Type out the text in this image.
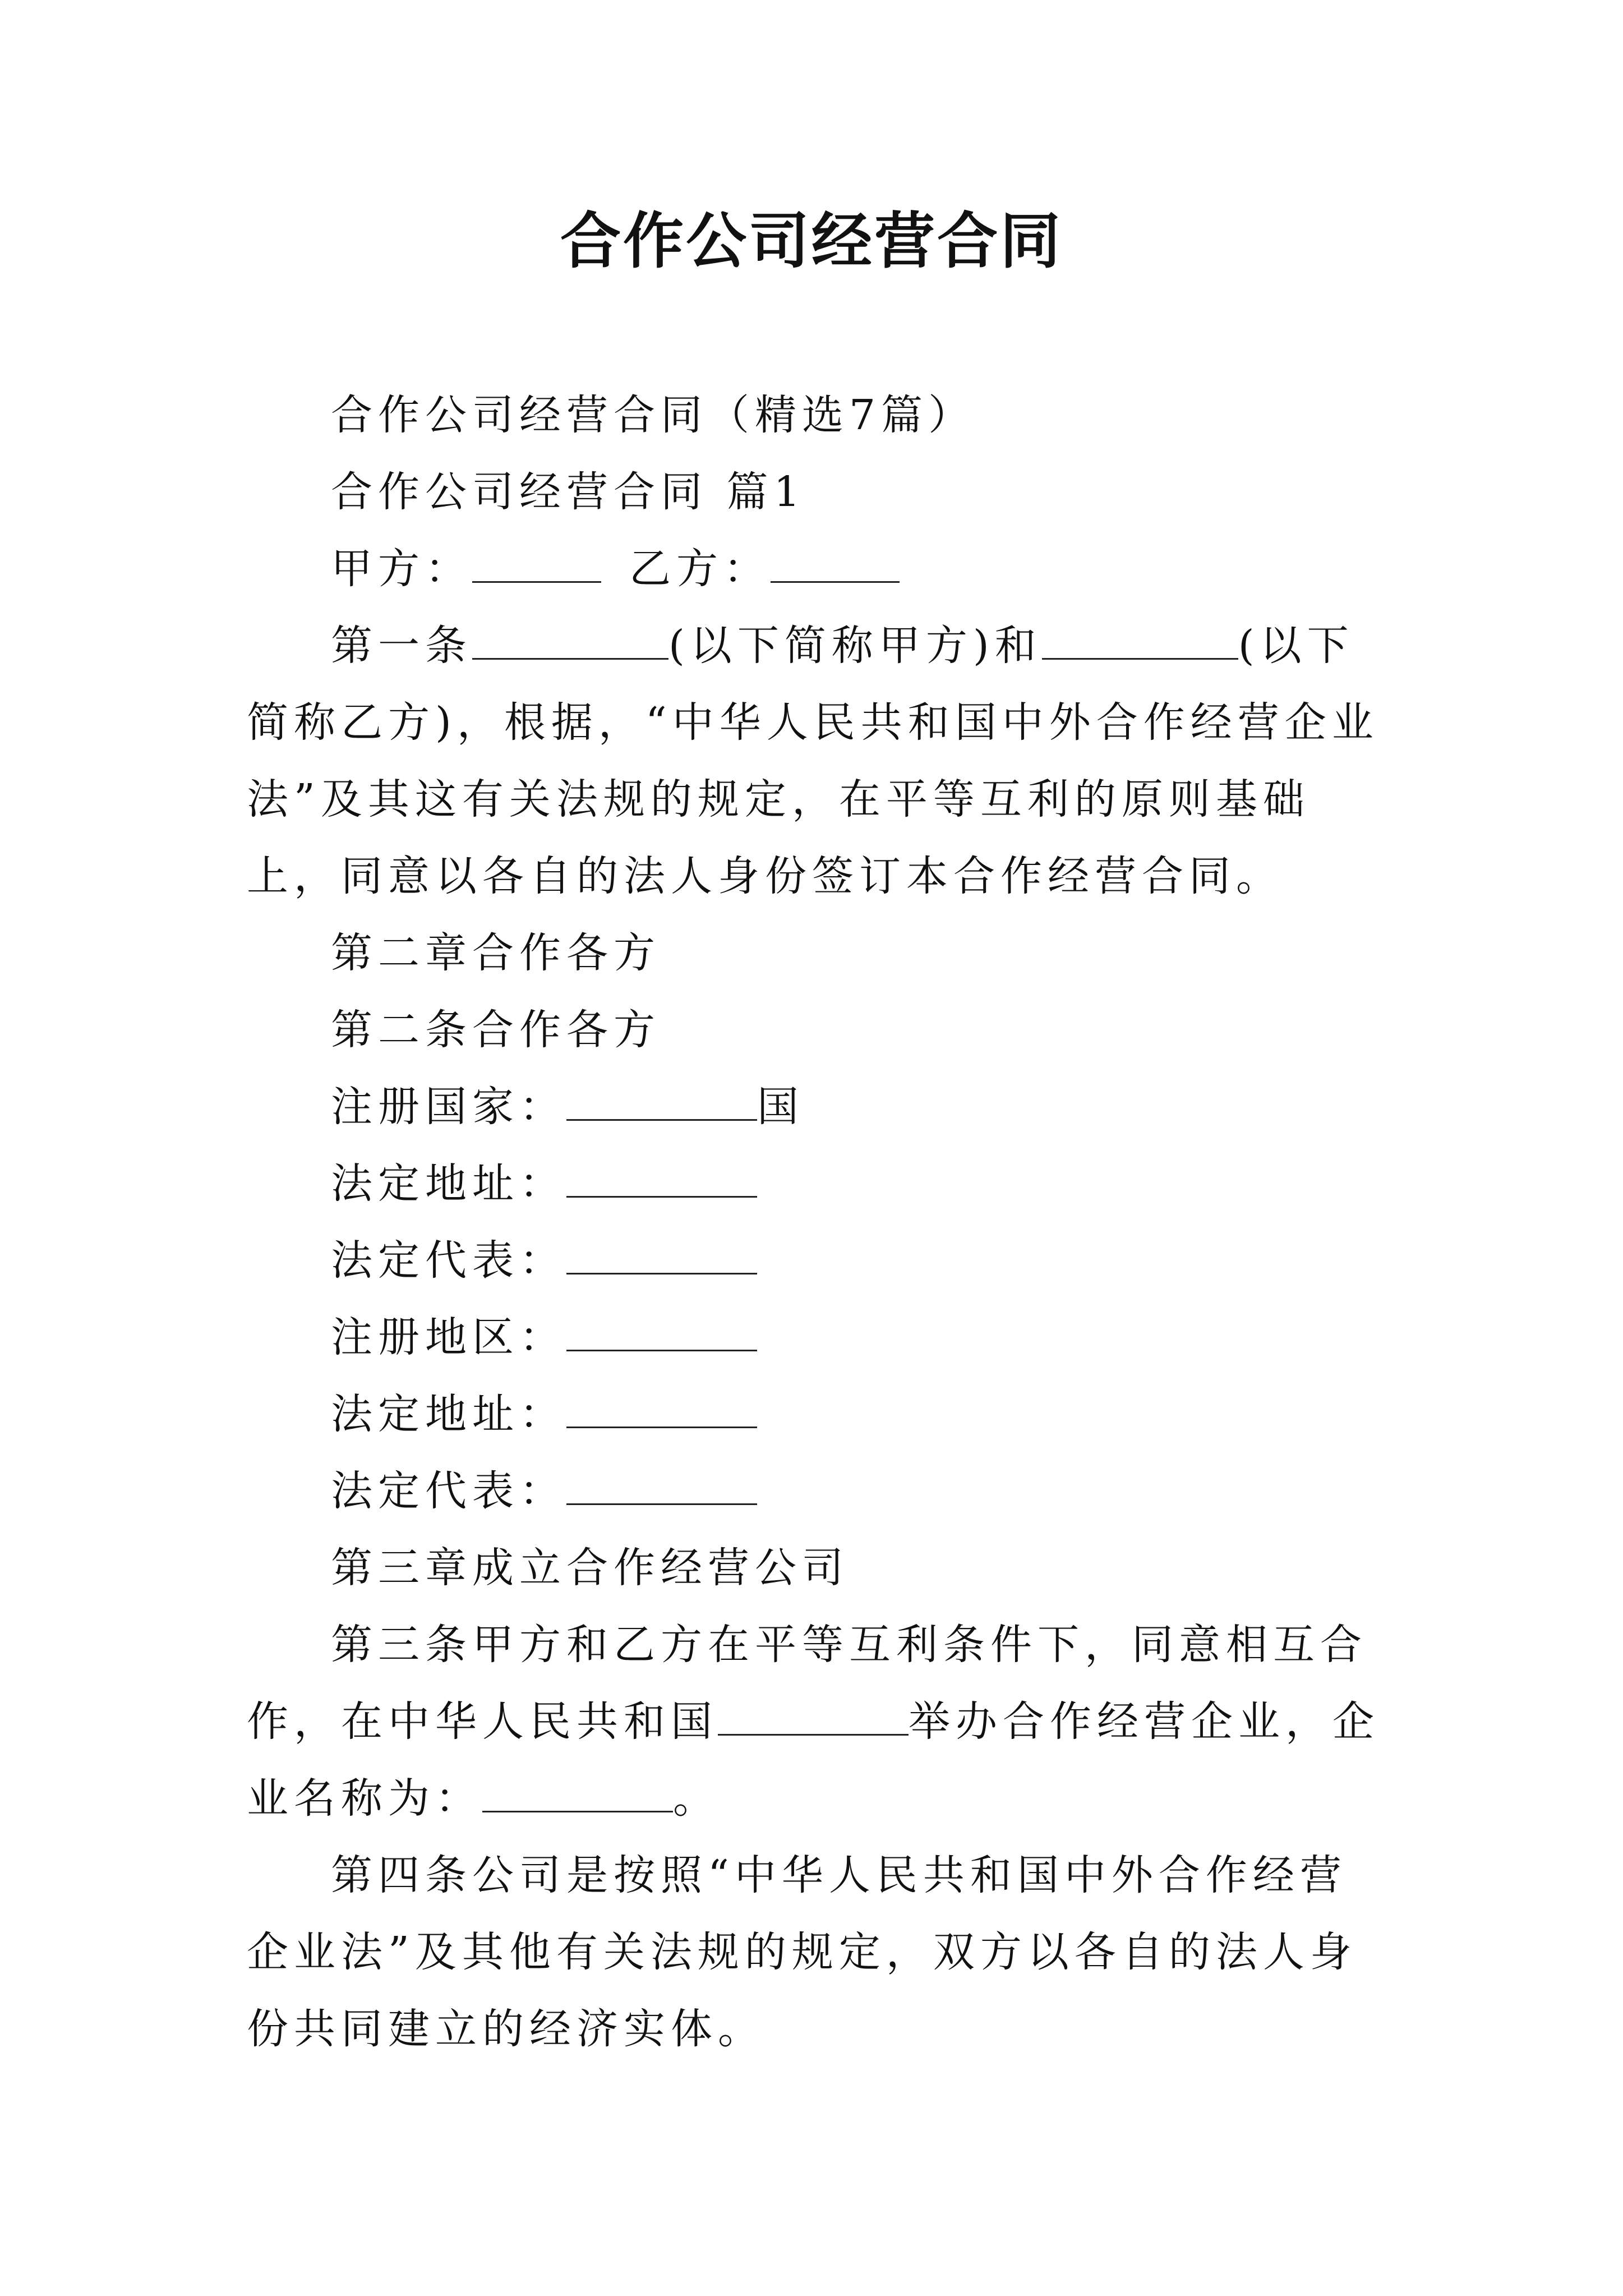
合作公司经营合同

合作公司经营合同（精选7篇）

合作公司经营合同 篇1

甲方：	乙方：

第一条	(以下简称甲方)和	(以下简称乙方)，根据，“中华人民共和国中外合作经营企业法”及其这有关法规的规定，在平等互利的原则基础上，同意以各自的法人身份签订本合作经营合同。

第二章合作各方

第二条合作各方

注册国家：	国

法定地址：

法定代表：

注册地区：

法定地址：

法定代表：

第三章成立合作经营公司

第三条甲方和乙方在平等互利条件下，同意相互合作，在中华人民共和国	举办合作经营企业，企业名称为：	。

第四条公司是按照“中华人民共和国中外合作经营企业法”及其他有关法规的规定，双方以各自的法人身份共同建立的经济实体。
